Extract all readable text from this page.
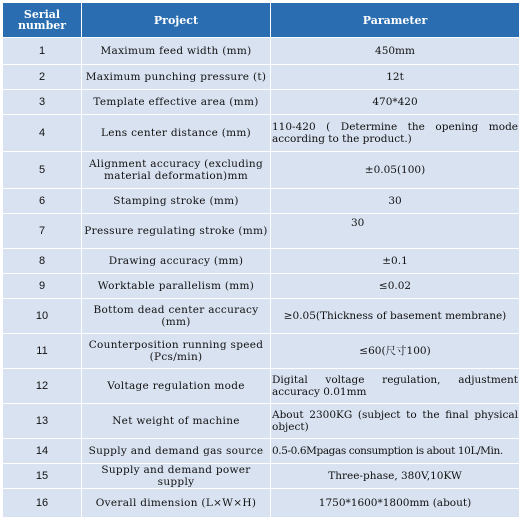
Serial number	Project	Parameter
1	Maximum feed width (mm)	450mm
2	Maximum punching pressure (t)	12t
3	Template effective area (mm)	470*420
4	Lens center distance (mm)	110-420 ( Determine the opening mode according to the product.)
5	Alignment accuracy (excluding material deformation)mm	±0.05(100)
6	Stamping stroke (mm)	30
7	Pressure regulating stroke (mm)	30
8	Drawing accuracy (mm)	±0.1
9	Worktable parallelism (mm)	≤0.02
10	Bottom dead center accuracy (mm)	≥0.05(Thickness of basement membrane)
11	Counterposition running speed (Pcs/min)	≤60(尺寸100)
12	Voltage regulation mode	Digital voltage regulation, adjustment accuracy 0.01mm
13	Net weight of machine	About 2300KG (subject to the final physical object)
14	Supply and demand gas source	0.5-0.6Mpagas consumption is about 10L/Min.
15	Supply and demand power supply	Three-phase, 380V,10KW
16	Overall dimension (L×W×H)	1750*1600*1800mm (about)
